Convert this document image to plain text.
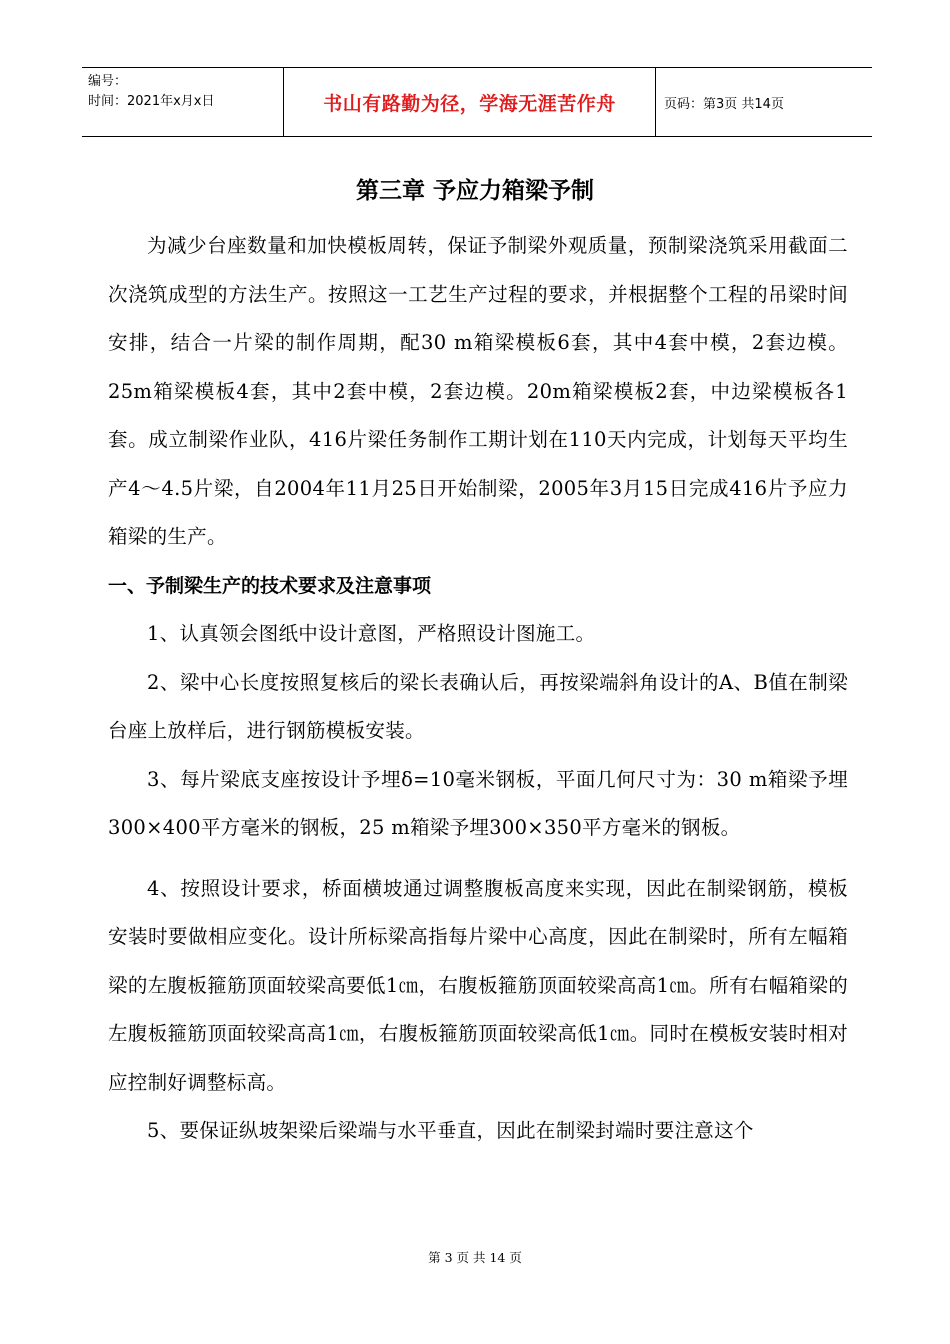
编号：
时间：2021年x月x日	书山有路勤为径，学海无涯苦作舟	页码：第3页 共14页
第三章 予应力箱梁予制

为减少台座数量和加快模板周转，保证予制梁外观质量，预制梁浇筑采用截面二次浇筑成型的方法生产。按照这一工艺生产过程的要求，并根据整个工程的吊梁时间安排，结合一片梁的制作周期，配30 m箱梁模板6套，其中4套中模，2套边模。25m箱梁模板4套，其中2套中模，2套边模。20m箱梁模板2套，中边梁模板各1套。成立制梁作业队，416片梁任务制作工期计划在110天内完成，计划每天平均生产4～4.5片梁，自2004年11月25日开始制梁，2005年3月15日完成416片予应力箱梁的生产。

一、予制梁生产的技术要求及注意事项

1、认真领会图纸中设计意图，严格照设计图施工。

2、梁中心长度按照复核后的梁长表确认后，再按梁端斜角设计的A、B值在制梁台座上放样后，进行钢筋模板安装。

3、每片梁底支座按设计予埋δ=10毫米钢板，平面几何尺寸为：30 m箱梁予埋300×400平方毫米的钢板，25 m箱梁予埋300×350平方毫米的钢板。

4、按照设计要求，桥面横坡通过调整腹板高度来实现，因此在制梁钢筋，模板安装时要做相应变化。设计所标梁高指每片梁中心高度，因此在制梁时，所有左幅箱梁的左腹板箍筋顶面较梁高要低1㎝，右腹板箍筋顶面较梁高高1㎝。所有右幅箱梁的左腹板箍筋顶面较梁高高1㎝，右腹板箍筋顶面较梁高低1㎝。同时在模板安装时相对应控制好调整标高。

5、要保证纵坡架梁后梁端与水平垂直，因此在制梁封端时要注意这个

第 3 页 共 14 页
